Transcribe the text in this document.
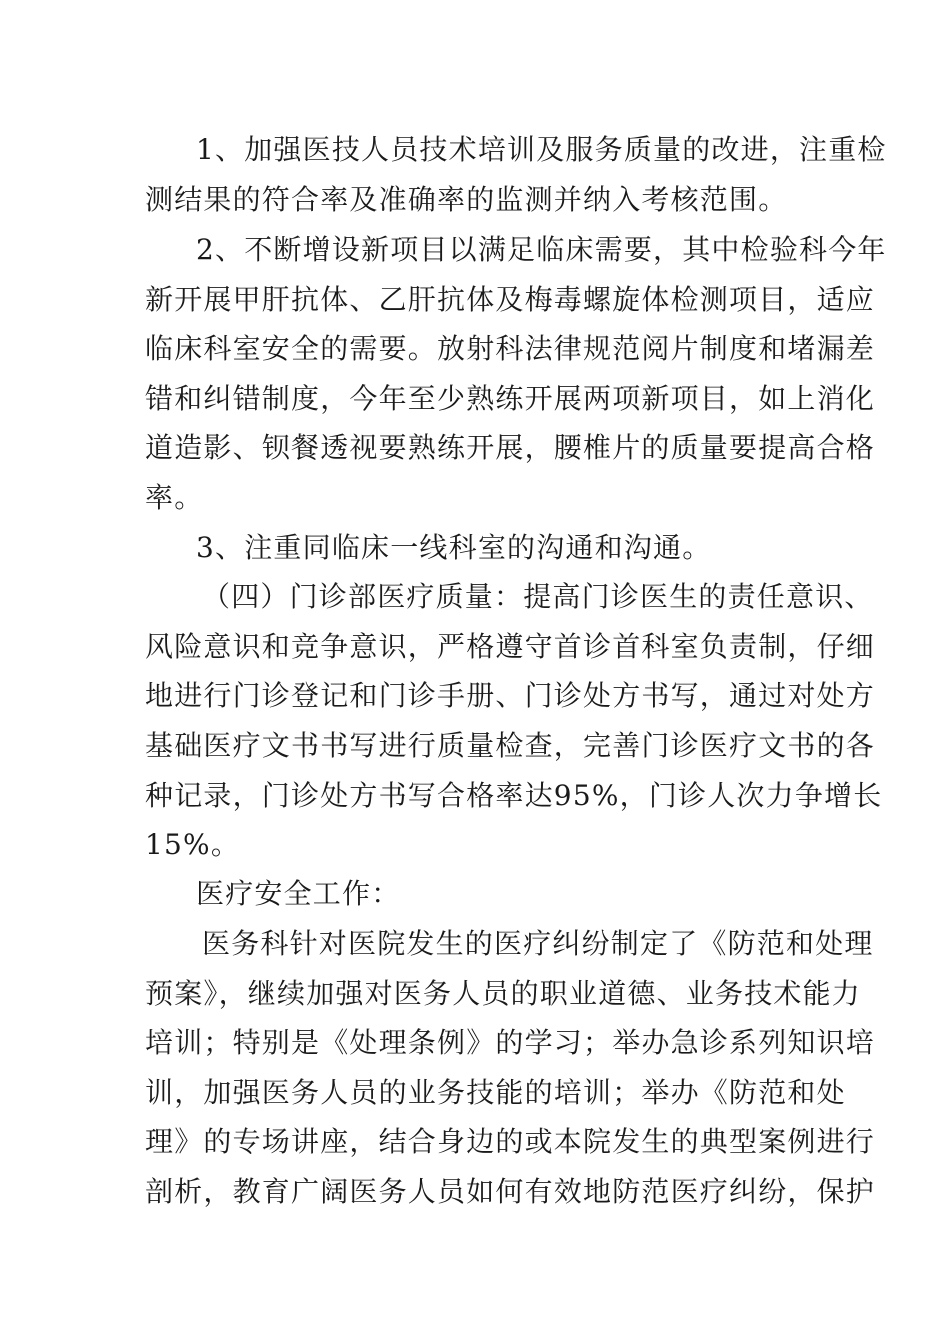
1、加强医技人员技术培训及服务质量的改进，注重检
测结果的符合率及准确率的监测并纳入考核范围。
2、不断增设新项目以满足临床需要，其中检验科今年
新开展甲肝抗体、乙肝抗体及梅毒螺旋体检测项目，适应
临床科室安全的需要。放射科法律规范阅片制度和堵漏差
错和纠错制度，今年至少熟练开展两项新项目，如上消化
道造影、钡餐透视要熟练开展，腰椎片的质量要提高合格
率。
3、注重同临床一线科室的沟通和沟通。
（四）门诊部医疗质量：提高门诊医生的责任意识、
风险意识和竞争意识，严格遵守首诊首科室负责制，仔细
地进行门诊登记和门诊手册、门诊处方书写，通过对处方
基础医疗文书书写进行质量检查，完善门诊医疗文书的各
种记录，门诊处方书写合格率达95%，门诊人次力争增长
15%。
医疗安全工作：
医务科针对医院发生的医疗纠纷制定了《防范和处理
预案》，继续加强对医务人员的职业道德、业务技术能力
培训；特别是《处理条例》的学习；举办急诊系列知识培
训，加强医务人员的业务技能的培训；举办《防范和处
理》的专场讲座，结合身边的或本院发生的典型案例进行
剖析，教育广阔医务人员如何有效地防范医疗纠纷，保护
